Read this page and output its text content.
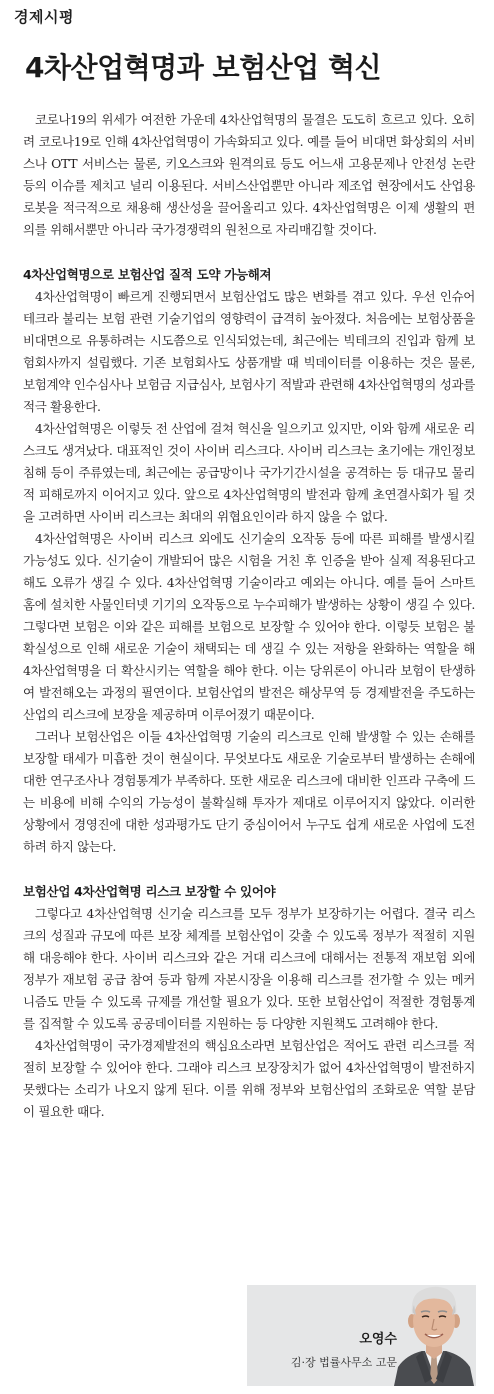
경제시평
4차산업혁명과 보험산업 혁신

코로나19의 위세가 여전한 가운데 4차산업혁명의 물결은 도도히 흐르고 있다. 오히려 코로나19로 인해 4차산업혁명이 가속화되고 있다. 예를 들어 비대면 화상회의 서비스나 OTT 서비스는 물론, 키오스크와 원격의료 등도 어느새 고용문제나 안전성 논란 등의 이슈를 제치고 널리 이용된다. 서비스산업뿐만 아니라 제조업 현장에서도 산업용 로봇을 적극적으로 채용해 생산성을 끌어올리고 있다. 4차산업혁명은 이제 생활의 편의를 위해서뿐만 아니라 국가경쟁력의 원천으로 자리매김할 것이다.

4차산업혁명으로 보험산업 질적 도약 가능해져

4차산업혁명이 빠르게 진행되면서 보험산업도 많은 변화를 겪고 있다. 우선 인슈어테크라 불리는 보험 관련 기술기업의 영향력이 급격히 높아졌다. 처음에는 보험상품을 비대면으로 유통하려는 시도쯤으로 인식되었는데, 최근에는 빅테크의 진입과 함께 보험회사까지 설립했다. 기존 보험회사도 상품개발 때 빅데이터를 이용하는 것은 물론, 보험계약 인수심사나 보험금 지급심사, 보험사기 적발과 관련해 4차산업혁명의 성과를 적극 활용한다.

4차산업혁명은 이렇듯 전 산업에 걸쳐 혁신을 일으키고 있지만, 이와 함께 새로운 리스크도 생겨났다. 대표적인 것이 사이버 리스크다. 사이버 리스크는 초기에는 개인정보침해 등이 주류였는데, 최근에는 공급망이나 국가기간시설을 공격하는 등 대규모 물리적 피해로까지 이어지고 있다. 앞으로 4차산업혁명의 발전과 함께 초연결사회가 될 것을 고려하면 사이버 리스크는 최대의 위협요인이라 하지 않을 수 없다.

4차산업혁명은 사이버 리스크 외에도 신기술의 오작동 등에 따른 피해를 발생시킬 가능성도 있다. 신기술이 개발되어 많은 시험을 거친 후 인증을 받아 실제 적용된다고 해도 오류가 생길 수 있다. 4차산업혁명 기술이라고 예외는 아니다. 예를 들어 스마트홈에 설치한 사물인터넷 기기의 오작동으로 누수피해가 발생하는 상황이 생길 수 있다. 그렇다면 보험은 이와 같은 피해를 보험으로 보장할 수 있어야 한다. 이렇듯 보험은 불확실성으로 인해 새로운 기술이 채택되는 데 생길 수 있는 저항을 완화하는 역할을 해 4차산업혁명을 더 확산시키는 역할을 해야 한다. 이는 당위론이 아니라 보험이 탄생하여 발전해오는 과정의 필연이다. 보험산업의 발전은 해상무역 등 경제발전을 주도하는 산업의 리스크에 보장을 제공하며 이루어졌기 때문이다.

그러나 보험산업은 이들 4차산업혁명 기술의 리스크로 인해 발생할 수 있는 손해를 보장할 태세가 미흡한 것이 현실이다. 무엇보다도 새로운 기술로부터 발생하는 손해에 대한 연구조사나 경험통계가 부족하다. 또한 새로운 리스크에 대비한 인프라 구축에 드는 비용에 비해 수익의 가능성이 불확실해 투자가 제대로 이루어지지 않았다. 이러한 상황에서 경영진에 대한 성과평가도 단기 중심이어서 누구도 쉽게 새로운 사업에 도전하려 하지 않는다.

보험산업 4차산업혁명 리스크 보장할 수 있어야

그렇다고 4차산업혁명 신기술 리스크를 모두 정부가 보장하기는 어렵다. 결국 리스크의 성질과 규모에 따른 보장 체계를 보험산업이 갖출 수 있도록 정부가 적절히 지원해 대응해야 한다. 사이버 리스크와 같은 거대 리스크에 대해서는 전통적 재보험 외에 정부가 재보험 공급 참여 등과 함께 자본시장을 이용해 리스크를 전가할 수 있는 메커니즘도 만들 수 있도록 규제를 개선할 필요가 있다. 또한 보험산업이 적절한 경험통계를 집적할 수 있도록 공공데이터를 지원하는 등 다양한 지원책도 고려해야 한다.

4차산업혁명이 국가경제발전의 핵심요소라면 보험산업은 적어도 관련 리스크를 적절히 보장할 수 있어야 한다. 그래야 리스크 보장장치가 없어 4차산업혁명이 발전하지 못했다는 소리가 나오지 않게 된다. 이를 위해 정부와 보험산업의 조화로운 역할 분담이 필요한 때다.

오영수
김·장 법률사무소 고문
